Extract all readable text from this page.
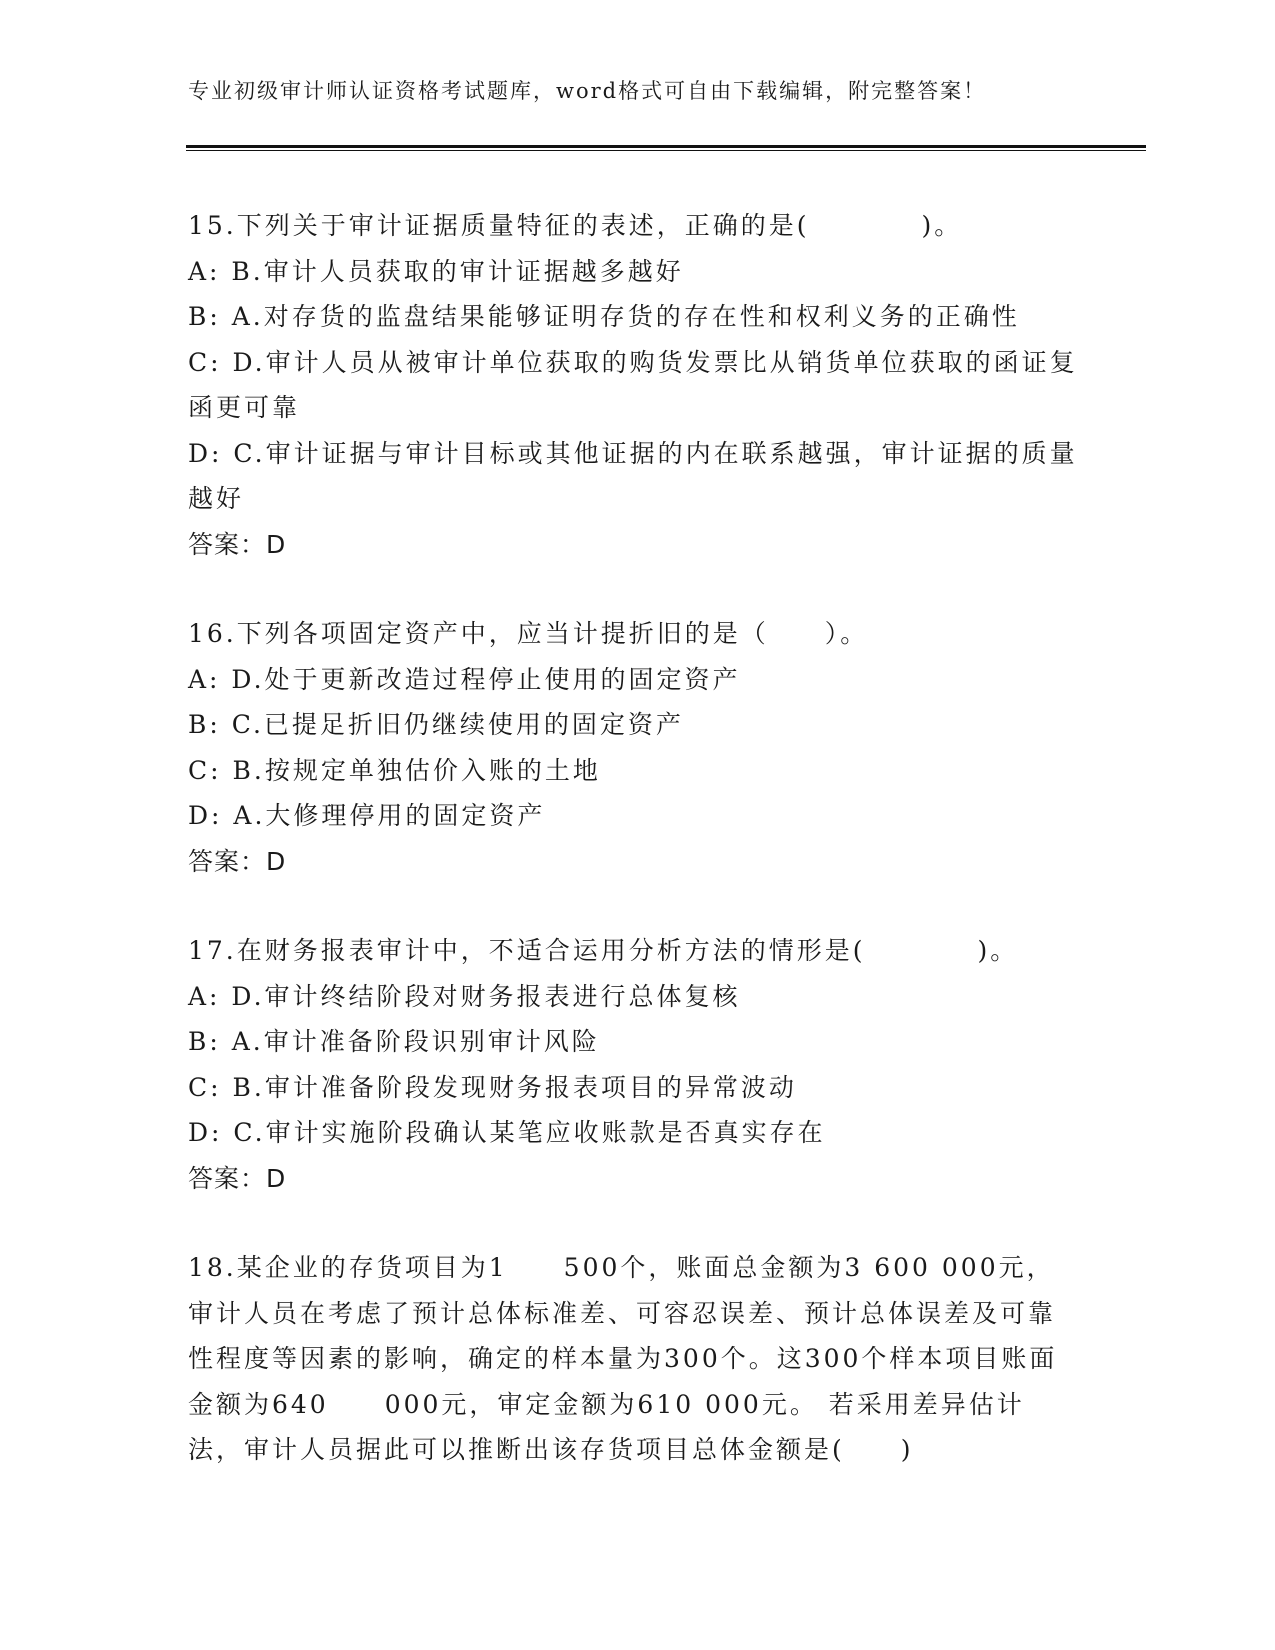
专业初级审计师认证资格考试题库，word格式可自由下载编辑，附完整答案！
15.下列关于审计证据质量特征的表述，正确的是(　　　　)。
A: B.审计人员获取的审计证据越多越好
B: A.对存货的监盘结果能够证明存货的存在性和权利义务的正确性
C: D.审计人员从被审计单位获取的购货发票比从销货单位获取的函证复函更可靠
D: C.审计证据与审计目标或其他证据的内在联系越强，审计证据的质量越好
答案：D
16.下列各项固定资产中，应当计提折旧的是（　　）。
A: D.处于更新改造过程停止使用的固定资产
B: C.已提足折旧仍继续使用的固定资产
C: B.按规定单独估价入账的土地
D: A.大修理停用的固定资产
答案：D
17.在财务报表审计中，不适合运用分析方法的情形是(　　　　)。
A: D.审计终结阶段对财务报表进行总体复核
B: A.审计准备阶段识别审计风险
C: B.审计准备阶段发现财务报表项目的异常波动
D: C.审计实施阶段确认某笔应收账款是否真实存在
答案：D
18.某企业的存货项目为1　　500个，账面总金额为3 600 000元，审计人员在考虑了预计总体标准差、可容忍误差、预计总体误差及可靠性程度等因素的影响，确定的样本量为300个。这300个样本项目账面金额为640　　000元，审定金额为610 000元。 若采用差异估计法，审计人员据此可以推断出该存货项目总体金额是(　　)
